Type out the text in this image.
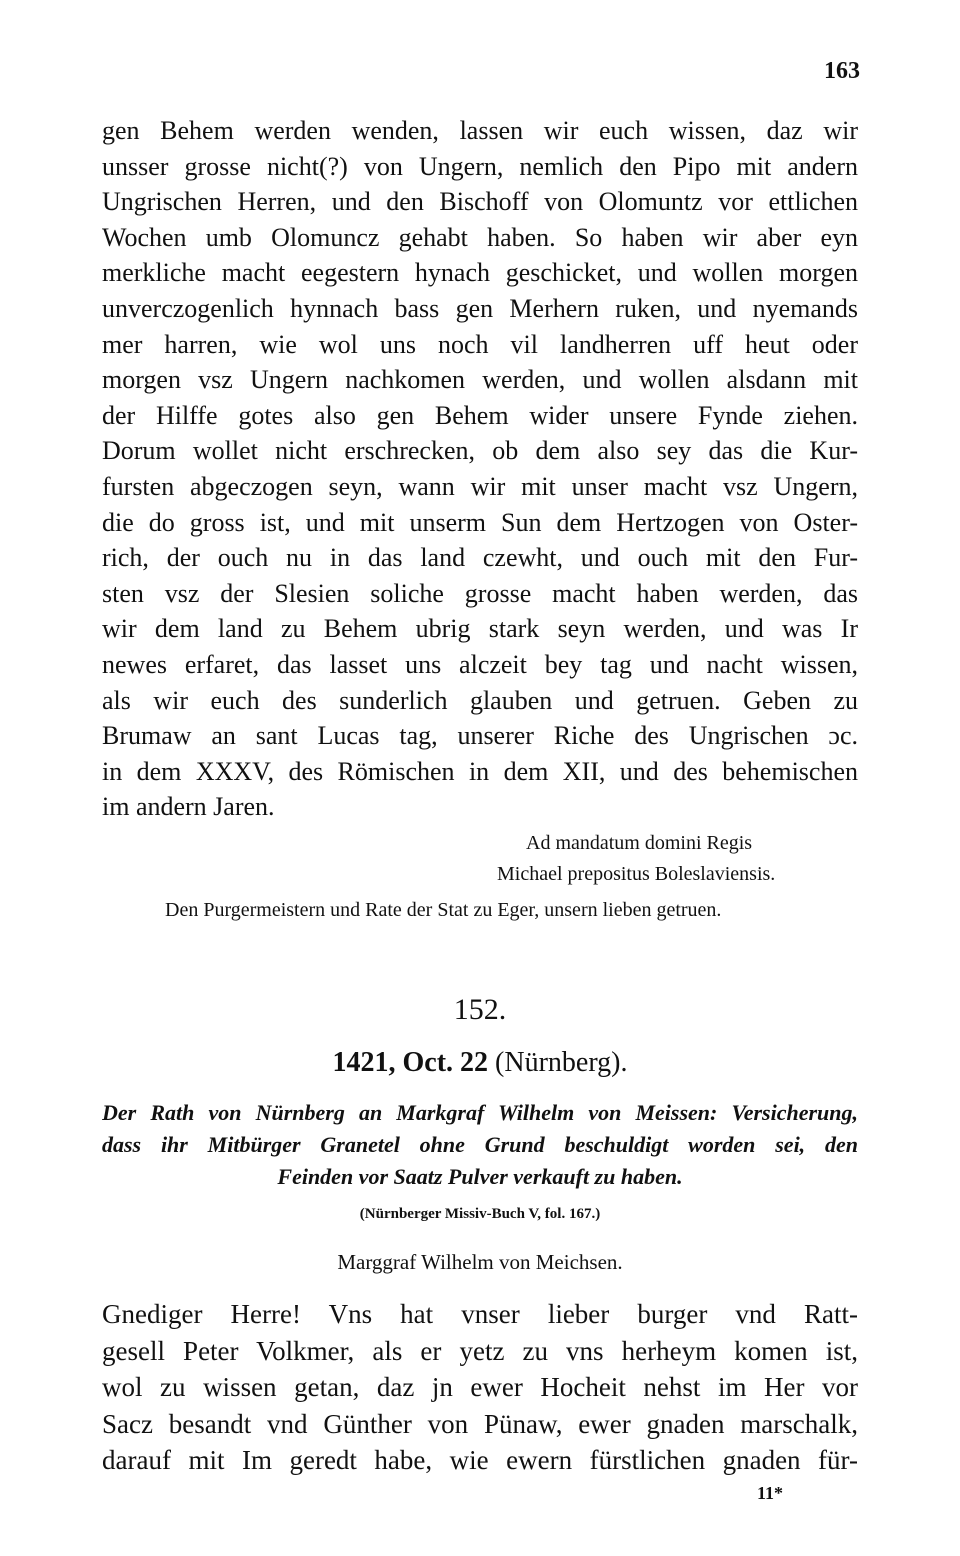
163
gen Behem werden wenden, lassen wir euch wissen, daz wir
unsser grosse nicht(?) von Ungern, nemlich den Pipo mit andern
Ungrischen Herren, und den Bischoff von Olomuntz vor ettlichen
Wochen umb Olomuncz gehabt haben. So haben wir aber eyn
merkliche macht eegestern hynach geschicket, und wollen morgen
unverczogenlich hynnach bass gen Merhern ruken, und nyemands
mer harren, wie wol uns noch vil landherren uff heut oder
morgen vsz Ungern nachkomen werden, und wollen alsdann mit
der Hilffe gotes also gen Behem wider unsere Fynde ziehen.
Dorum wollet nicht erschrecken, ob dem also sey das die Kur-
fursten abgeczogen seyn, wann wir mit unser macht vsz Ungern,
die do gross ist, und mit unserm Sun dem Hertzogen von Oster-
rich, der ouch nu in das land czewht, und ouch mit den Fur-
sten vsz der Slesien soliche grosse macht haben werden, das
wir dem land zu Behem ubrig stark seyn werden, und was Ir
newes erfaret, das lasset uns alczeit bey tag und nacht wissen,
als wir euch des sunderlich glauben und getruen. Geben zu
Brumaw an sant Lucas tag, unserer Riche des Ungrischen ɔc.
in dem XXXV, des Römischen in dem XII, und des behemischen
im andern Jaren.
Ad mandatum domini Regis
Michael prepositus Boleslaviensis.
Den Purgermeistern und Rate der Stat zu Eger, unsern lieben getruen.
152.
1421, Oct. 22 (Nürnberg).
Der Rath von Nürnberg an Markgraf Wilhelm von Meissen: Versicherung,
dass ihr Mitbürger Granetel ohne Grund beschuldigt worden sei, den
Feinden vor Saatz Pulver verkauft zu haben.
(Nürnberger Missiv-Buch V, fol. 167.)
Marggraf Wilhelm von Meichsen.
Gnediger Herre! Vns hat vnser lieber burger vnd Ratt-
gesell Peter Volkmer, als er yetz zu vns herheym komen ist,
wol zu wissen getan, daz jn ewer Hocheit nehst im Her vor
Sacz besandt vnd Günther von Pünaw, ewer gnaden marschalk,
darauf mit Im geredt habe, wie ewern fürstlichen gnaden für-
11*
